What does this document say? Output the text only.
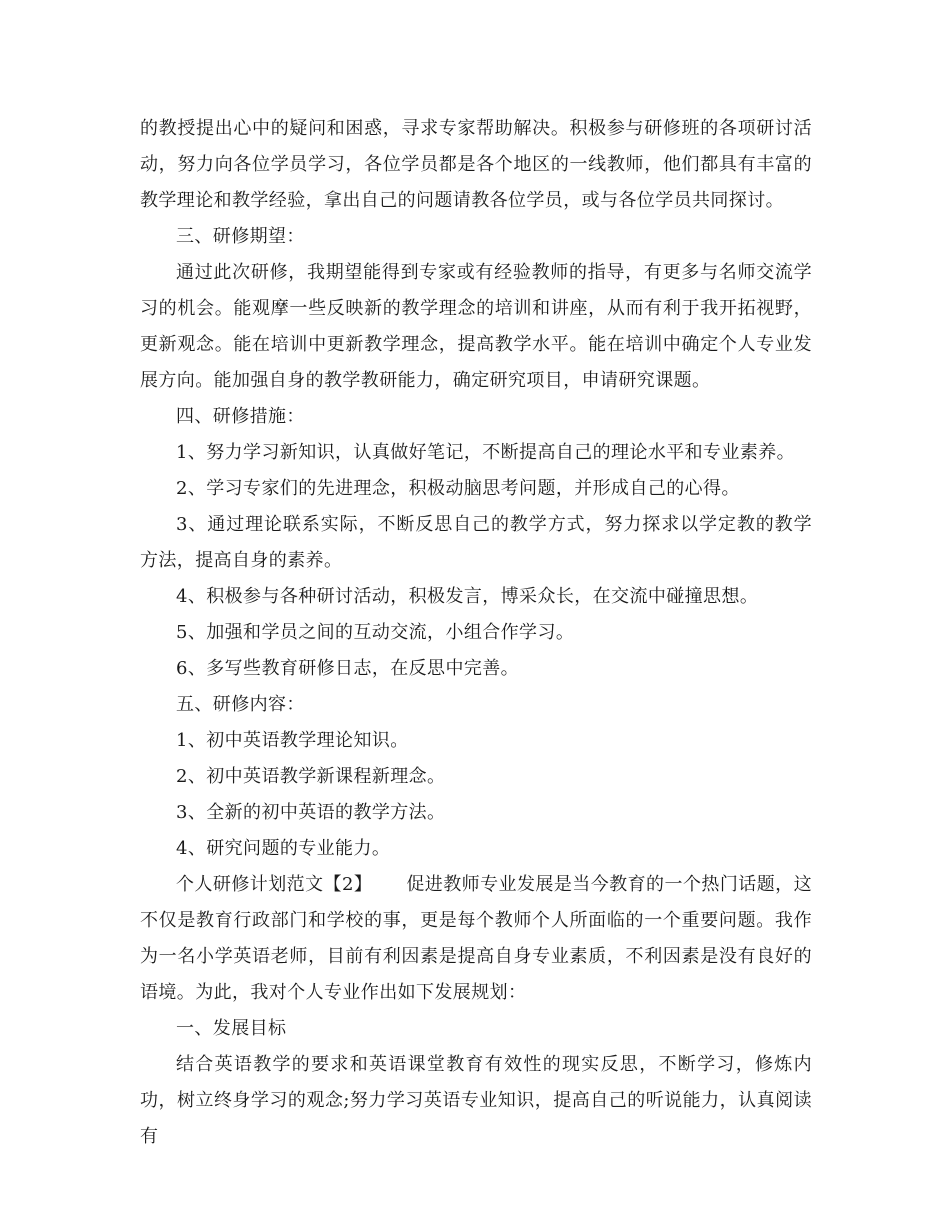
的教授提出心中的疑问和困惑，寻求专家帮助解决。积极参与研修班的各项研讨活动，努力向各位学员学习，各位学员都是各个地区的一线教师，他们都具有丰富的教学理论和教学经验，拿出自己的问题请教各位学员，或与各位学员共同探讨。

三、研修期望：

通过此次研修，我期望能得到专家或有经验教师的指导，有更多与名师交流学习的机会。能观摩一些反映新的教学理念的培训和讲座，从而有利于我开拓视野，更新观念。能在培训中更新教学理念，提高教学水平。能在培训中确定个人专业发展方向。能加强自身的教学教研能力，确定研究项目，申请研究课题。

四、研修措施：

1、努力学习新知识，认真做好笔记，不断提高自己的理论水平和专业素养。

2、学习专家们的先进理念，积极动脑思考问题，并形成自己的心得。

3、通过理论联系实际，不断反思自己的教学方式，努力探求以学定教的教学方法，提高自身的素养。

4、积极参与各种研讨活动，积极发言，博采众长，在交流中碰撞思想。

5、加强和学员之间的互动交流，小组合作学习。

6、多写些教育研修日志，在反思中完善。

五、研修内容：

1、初中英语教学理论知识。

2、初中英语教学新课程新理念。

3、全新的初中英语的教学方法。

4、研究问题的专业能力。

个人研修计划范文【2】 促进教师专业发展是当今教育的一个热门话题，这不仅是教育行政部门和学校的事，更是每个教师个人所面临的一个重要问题。我作为一名小学英语老师，目前有利因素是提高自身专业素质，不利因素是没有良好的语境。为此，我对个人专业作出如下发展规划：

一、发展目标

结合英语教学的要求和英语课堂教育有效性的现实反思，不断学习，修炼内功，树立终身学习的观念;努力学习英语专业知识，提高自己的听说能力，认真阅读有
